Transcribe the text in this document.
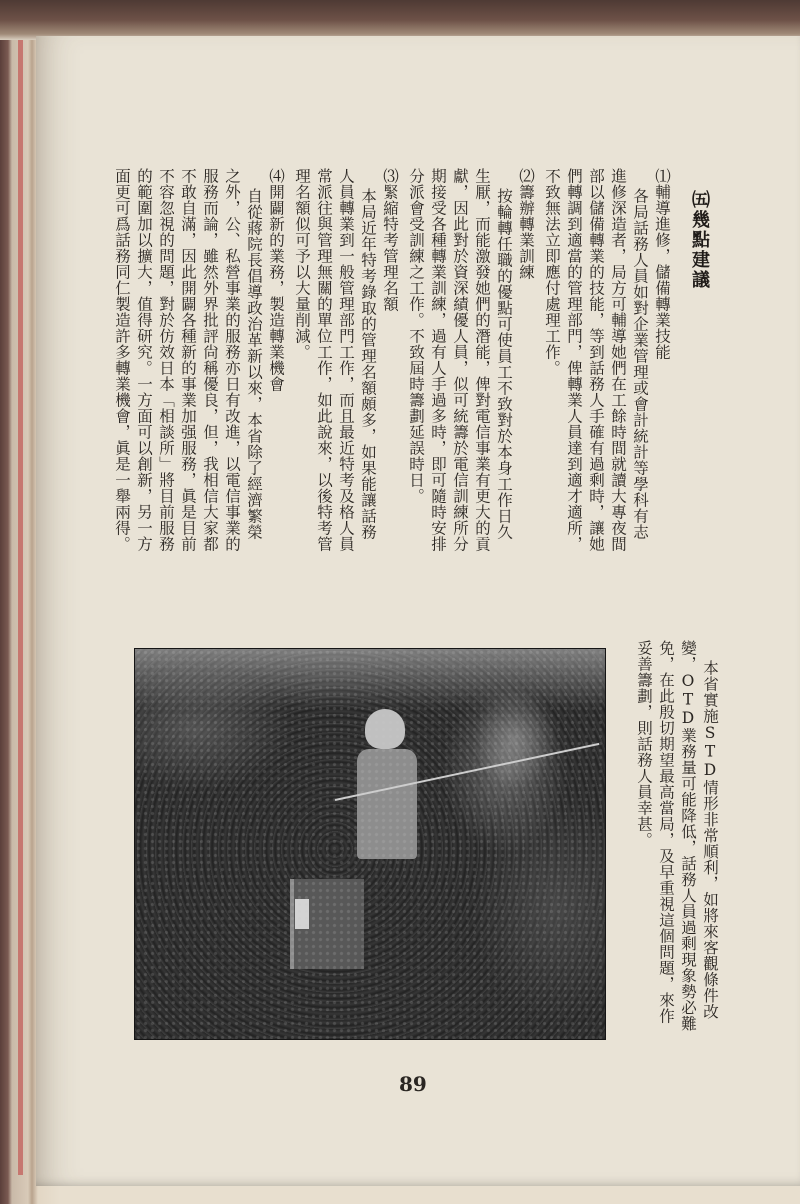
㈤幾點建議
⑴輔導進修，儲備轉業技能
各局話務人員如對企業管理或會計統計等學科有志
進修深造者，局方可輔導她們在工餘時間就讀大專夜間
部以儲備轉業的技能，等到話務人手確有過剩時，讓她
們轉調到適當的管理部門，俾轉業人員達到適才適所，
不致無法立即應付處理工作。
⑵籌辦轉業訓練
按輪轉任職的優點可使員工不致對於本身工作日久
生厭，而能激發她們的潛能，俾對電信事業有更大的貢
獻，因此對於資深績優人員，似可統籌於電信訓練所分
期接受各種轉業訓練，過有人手過多時，即可隨時安排
分派會受訓練之工作。不致屆時籌劃延誤時日。
⑶緊縮特考管理名額
本局近年特考錄取的管理名額頗多，如果能讓話務
人員轉業到一般管理部門工作，而且最近特考及格人員
常派往與管理無關的單位工作，如此說來，以後特考管
理名額似可予以大量削減。
⑷開闢新的業務，製造轉業機會
自從蔣院長倡導政治革新以來，本省除了經濟繁榮
之外，公、私營事業的服務亦日有改進，以電信事業的
服務而論，雖然外界批評尙稱優良，但，我相信大家都
不敢自滿，因此開闢各種新的事業加强服務，眞是目前
不容忽視的問題，對於仿效日本「相談所」將目前服務
的範圍加以擴大，值得研究。一方面可以創新，另一方
面更可爲話務同仁製造許多轉業機會，眞是一舉兩得。
本省實施STD情形非常順利，如將來客觀條件改
變，OTD業務量可能降低，話務人員過剩現象勢必難
免，在此殷切期望最高當局，及早重視這個問題，來作
妥善籌劃，則話務人員幸甚。
89
